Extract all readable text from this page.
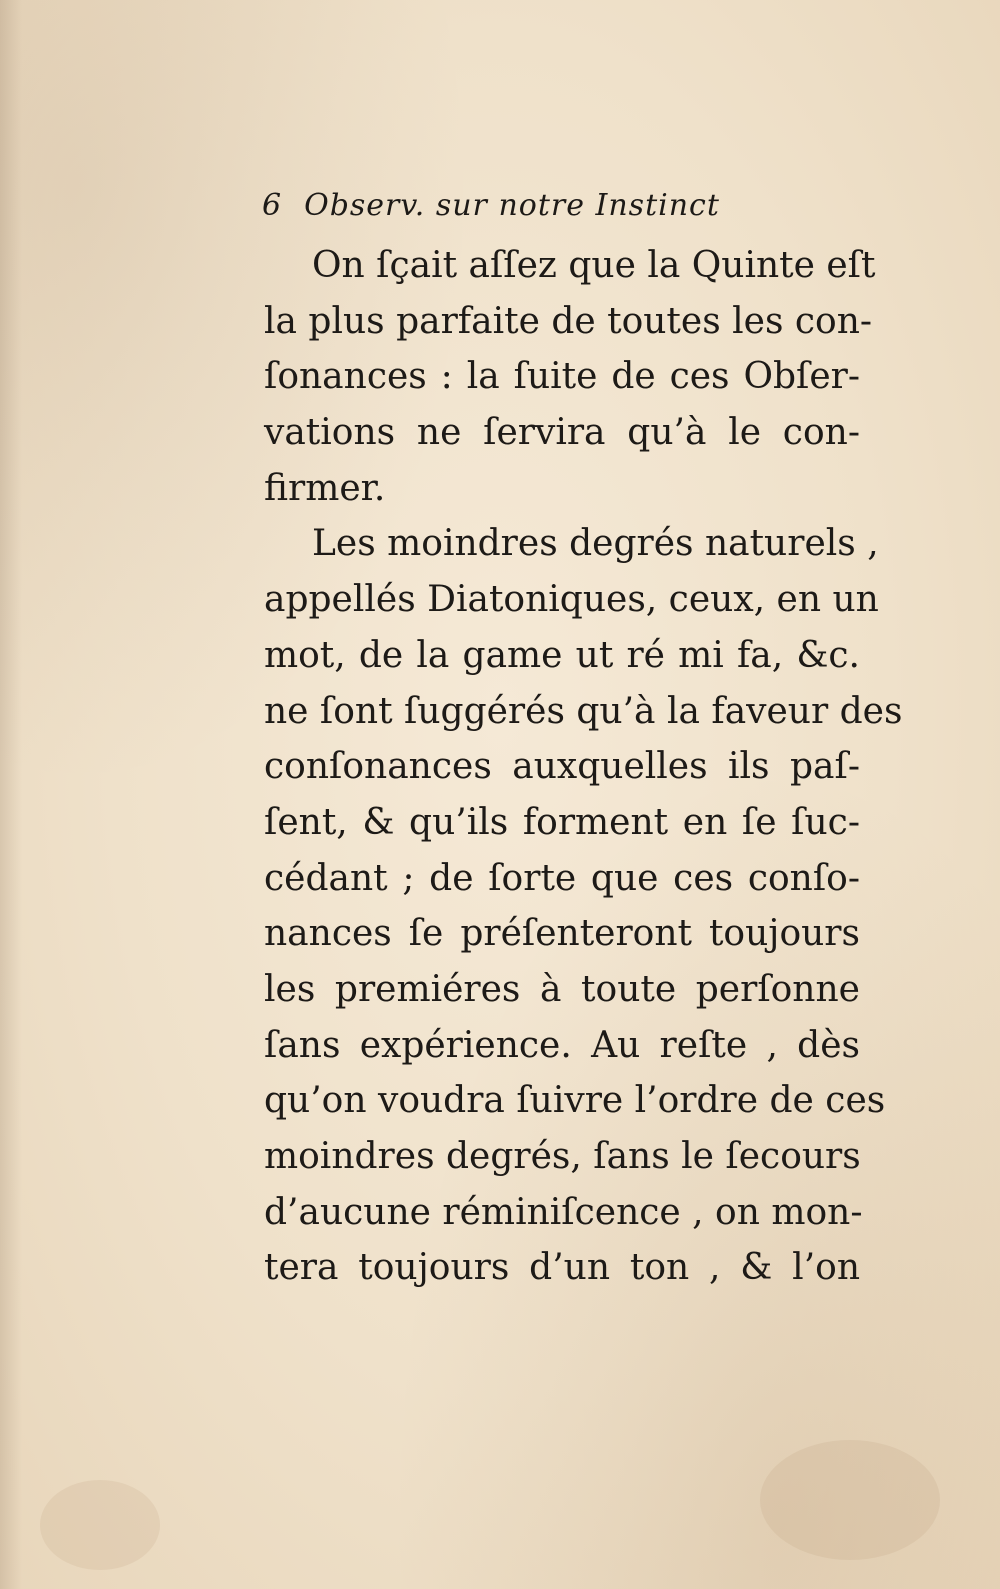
6 Observ. sur notre Instinct
On ſçait aſſez que la Quinte eſt
la plus parfaite de toutes les con-
ſonances : la ſuite de ces Obſer-
vations ne ſervira qu’à le con-
firmer.
Les moindres degrés naturels ,
appellés Diatoniques, ceux, en un
mot, de la game ut ré mi fa, &c.
ne ſont ſuggérés qu’à la faveur des
conſonances auxquelles ils paſ-
ſent, & qu’ils forment en ſe ſuc-
cédant ; de ſorte que ces conſo-
nances ſe préſenteront toujours
les premiéres à toute perſonne
ſans expérience. Au reſte , dès
qu’on voudra ſuivre l’ordre de ces
moindres degrés, ſans le ſecours
d’aucune réminiſcence , on mon-
tera toujours d’un ton , & l’on
